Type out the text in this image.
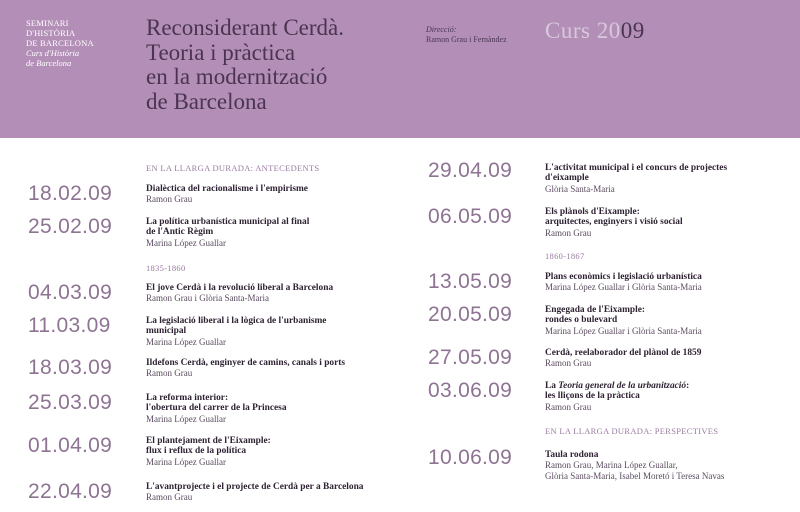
SEMINARI
D'HISTÒRIA
DE BARCELONA
Curs d'Història
de Barcelona
Reconsiderant Cerdà.
Teoria i pràctica
en la modernització
de Barcelona
Direcció:
Ramon Grau i Fernàndez Curs 2009
EN LA LLARGA DURADA: ANTECEDENTS
18.02.09	Dialèctica del racionalisme i l'empirisme
Ramon Grau
25.02.09	La política urbanística municipal al final
de l'Antic Règim
Marina López Guallar
1835-1860
04.03.09	El jove Cerdà i la revolució liberal a Barcelona
Ramon Grau i Glòria Santa-Maria
11.03.09	La legislació liberal i la lògica de l'urbanisme
municipal
Marina López Guallar
18.03.09	Ildefons Cerdà, enginyer de camins, canals i ports
Ramon Grau
25.03.09	La reforma interior:
l'obertura del carrer de la Princesa
Marina López Guallar
01.04.09	El plantejament de l'Eixample:
flux i reflux de la política
Marina López Guallar
22.04.09	L'avantprojecte i el projecte de Cerdà per a Barcelona
Ramon Grau
29.04.09	L'activitat municipal i el concurs de projectes
d'eixample
Glòria Santa-Maria
06.05.09	Els plànols d'Eixample:
arquitectes, enginyers i visió social
Ramon Grau
1860-1867
13.05.09	Plans econòmics i legislació urbanística
Marina López Guallar i Glòria Santa-Maria
20.05.09	Engegada de l'Eixample:
rondes o bulevard
Marina López Guallar i Glòria Santa-Maria
27.05.09	Cerdà, reelaborador del plànol de 1859
Ramon Grau
03.06.09	La Teoria general de la urbanització:
les lliçons de la pràctica
Ramon Grau
EN LA LLARGA DURADA: PERSPECTIVES
10.06.09	Taula rodona
Ramon Grau, Marina López Guallar,
Glòria Santa-Maria, Isabel Moretó i Teresa Navas
